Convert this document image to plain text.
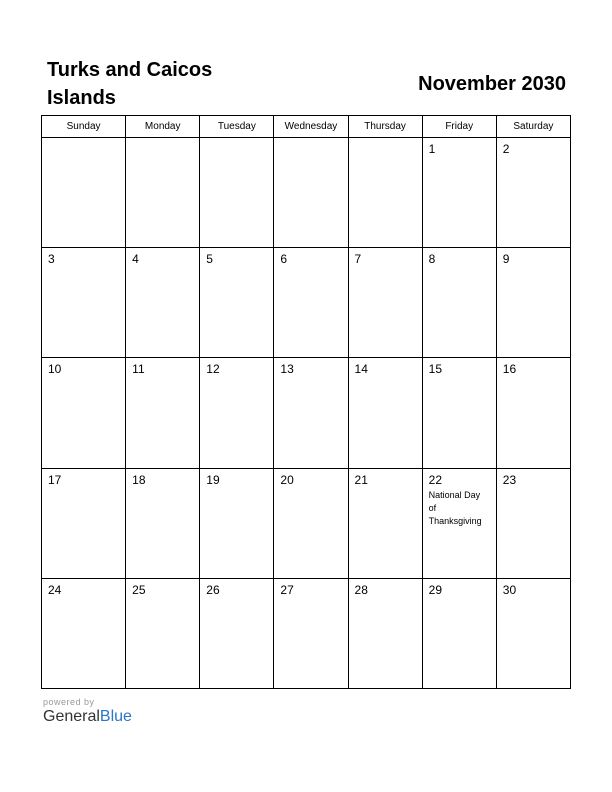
Turks and Caicos Islands
November 2030
Sunday	Monday	Tuesday	Wednesday	Thursday	Friday	Saturday

					1	2

3	4	5	6	7	8	9

10	11	12	13	14	15	16

17	18	19	20	21	22
National Day of Thanksgiving	23

24	25	26	27	28	29	30
powered by
GeneralBlue
